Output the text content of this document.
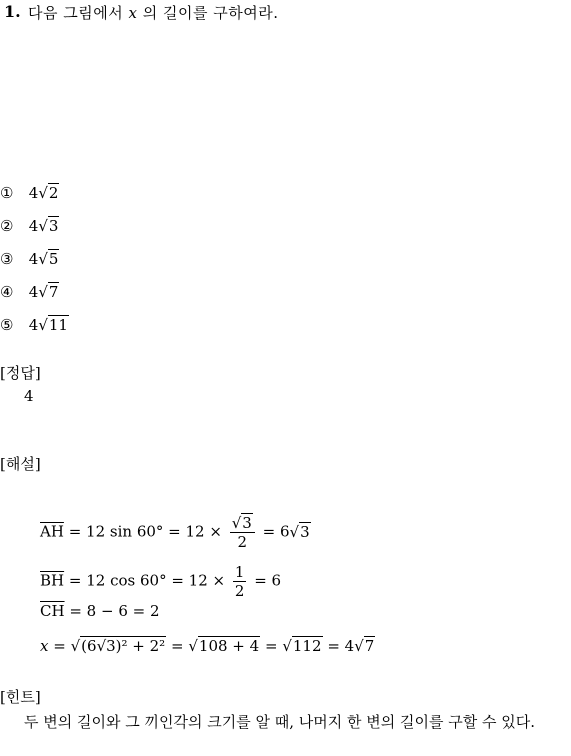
1. 다음 그림에서 x 의 길이를 구하여라.
① 4√2
② 4√3
③ 4√5
④ 4√7
⑤ 4√11
[정답]
4
[해설]
$\overline{AH} = 12$ $\sin 60^\circ = 12 \times \frac{√3}{2} = 6√3$
$\overline{BH} = 12$ $\cos 60^\circ = 12 \times \frac{1}{2} = 6$
$\overline{CH} = 8 - 6 = 2$
x = √(6√3)² + 2² = √108 + 4 = √112 = 4√7
[힌트]
두 변의 길이와 그 끼인각의 크기를 알 때, 나머지 한 변의 길이를 구할 수 있다.
